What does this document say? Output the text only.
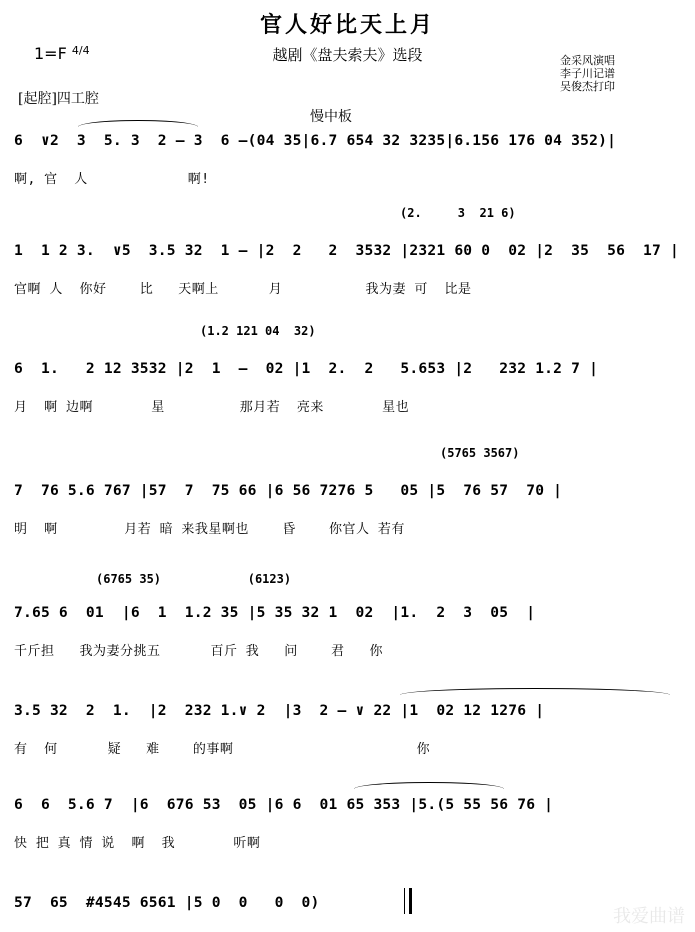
官人好比天上月
越剧《盘夫索夫》选段
1=F $^{4/4}$
金采风演唱
李子川记谱
吴俊杰打印
[起腔]四工腔
慢中板
6  ∨2  3  5. 3  2 – 3  6 –(04 35|6.7 654 32 3235|6.156 176 04 352)|
啊, 官  人            啊!
(2.     3  21 6)
1  1 2 3.  ∨5  3.5 32  1 – |2  2   2  3532 |2321 60 0  02 |2  35  56  17 |
官啊 人  你好    比   天啊上      月          我为妻 可  比是
(1.2 121 04  32)
6  1.   2 12 3532 |2  1  –  02 |1  2.  2   5.653 |2   232 1.2 7 |
月  啊 边啊       星         那月若  亮来       星也
(5765 3567)
7  76 5.6 767 |57  7  75 66 |6 56 7276 5   05 |5  76 57  70 |
明  啊        月若 暗 来我星啊也    昏    你官人 若有
(6765 35)            (6123)
7.65 6  01  |6  1  1.2 35 |5 35 32 1  02  |1.  2  3  05  |
千斤担   我为妻分挑五      百斤 我   问    君   你
3.5 32  2  1.  |2  232 1.∨ 2  |3  2 – ∨ 22 |1  02 12 1276 |
有  何      疑   难    的事啊                      你
6  6  5.6 7  |6  676 53  05 |6 6  01 65 353 |5.(5 55 56 76 |
快 把 真 情 说  啊  我       听啊
57  65  #4545 6561 |5 0  0   0  0)
我爱曲谱
